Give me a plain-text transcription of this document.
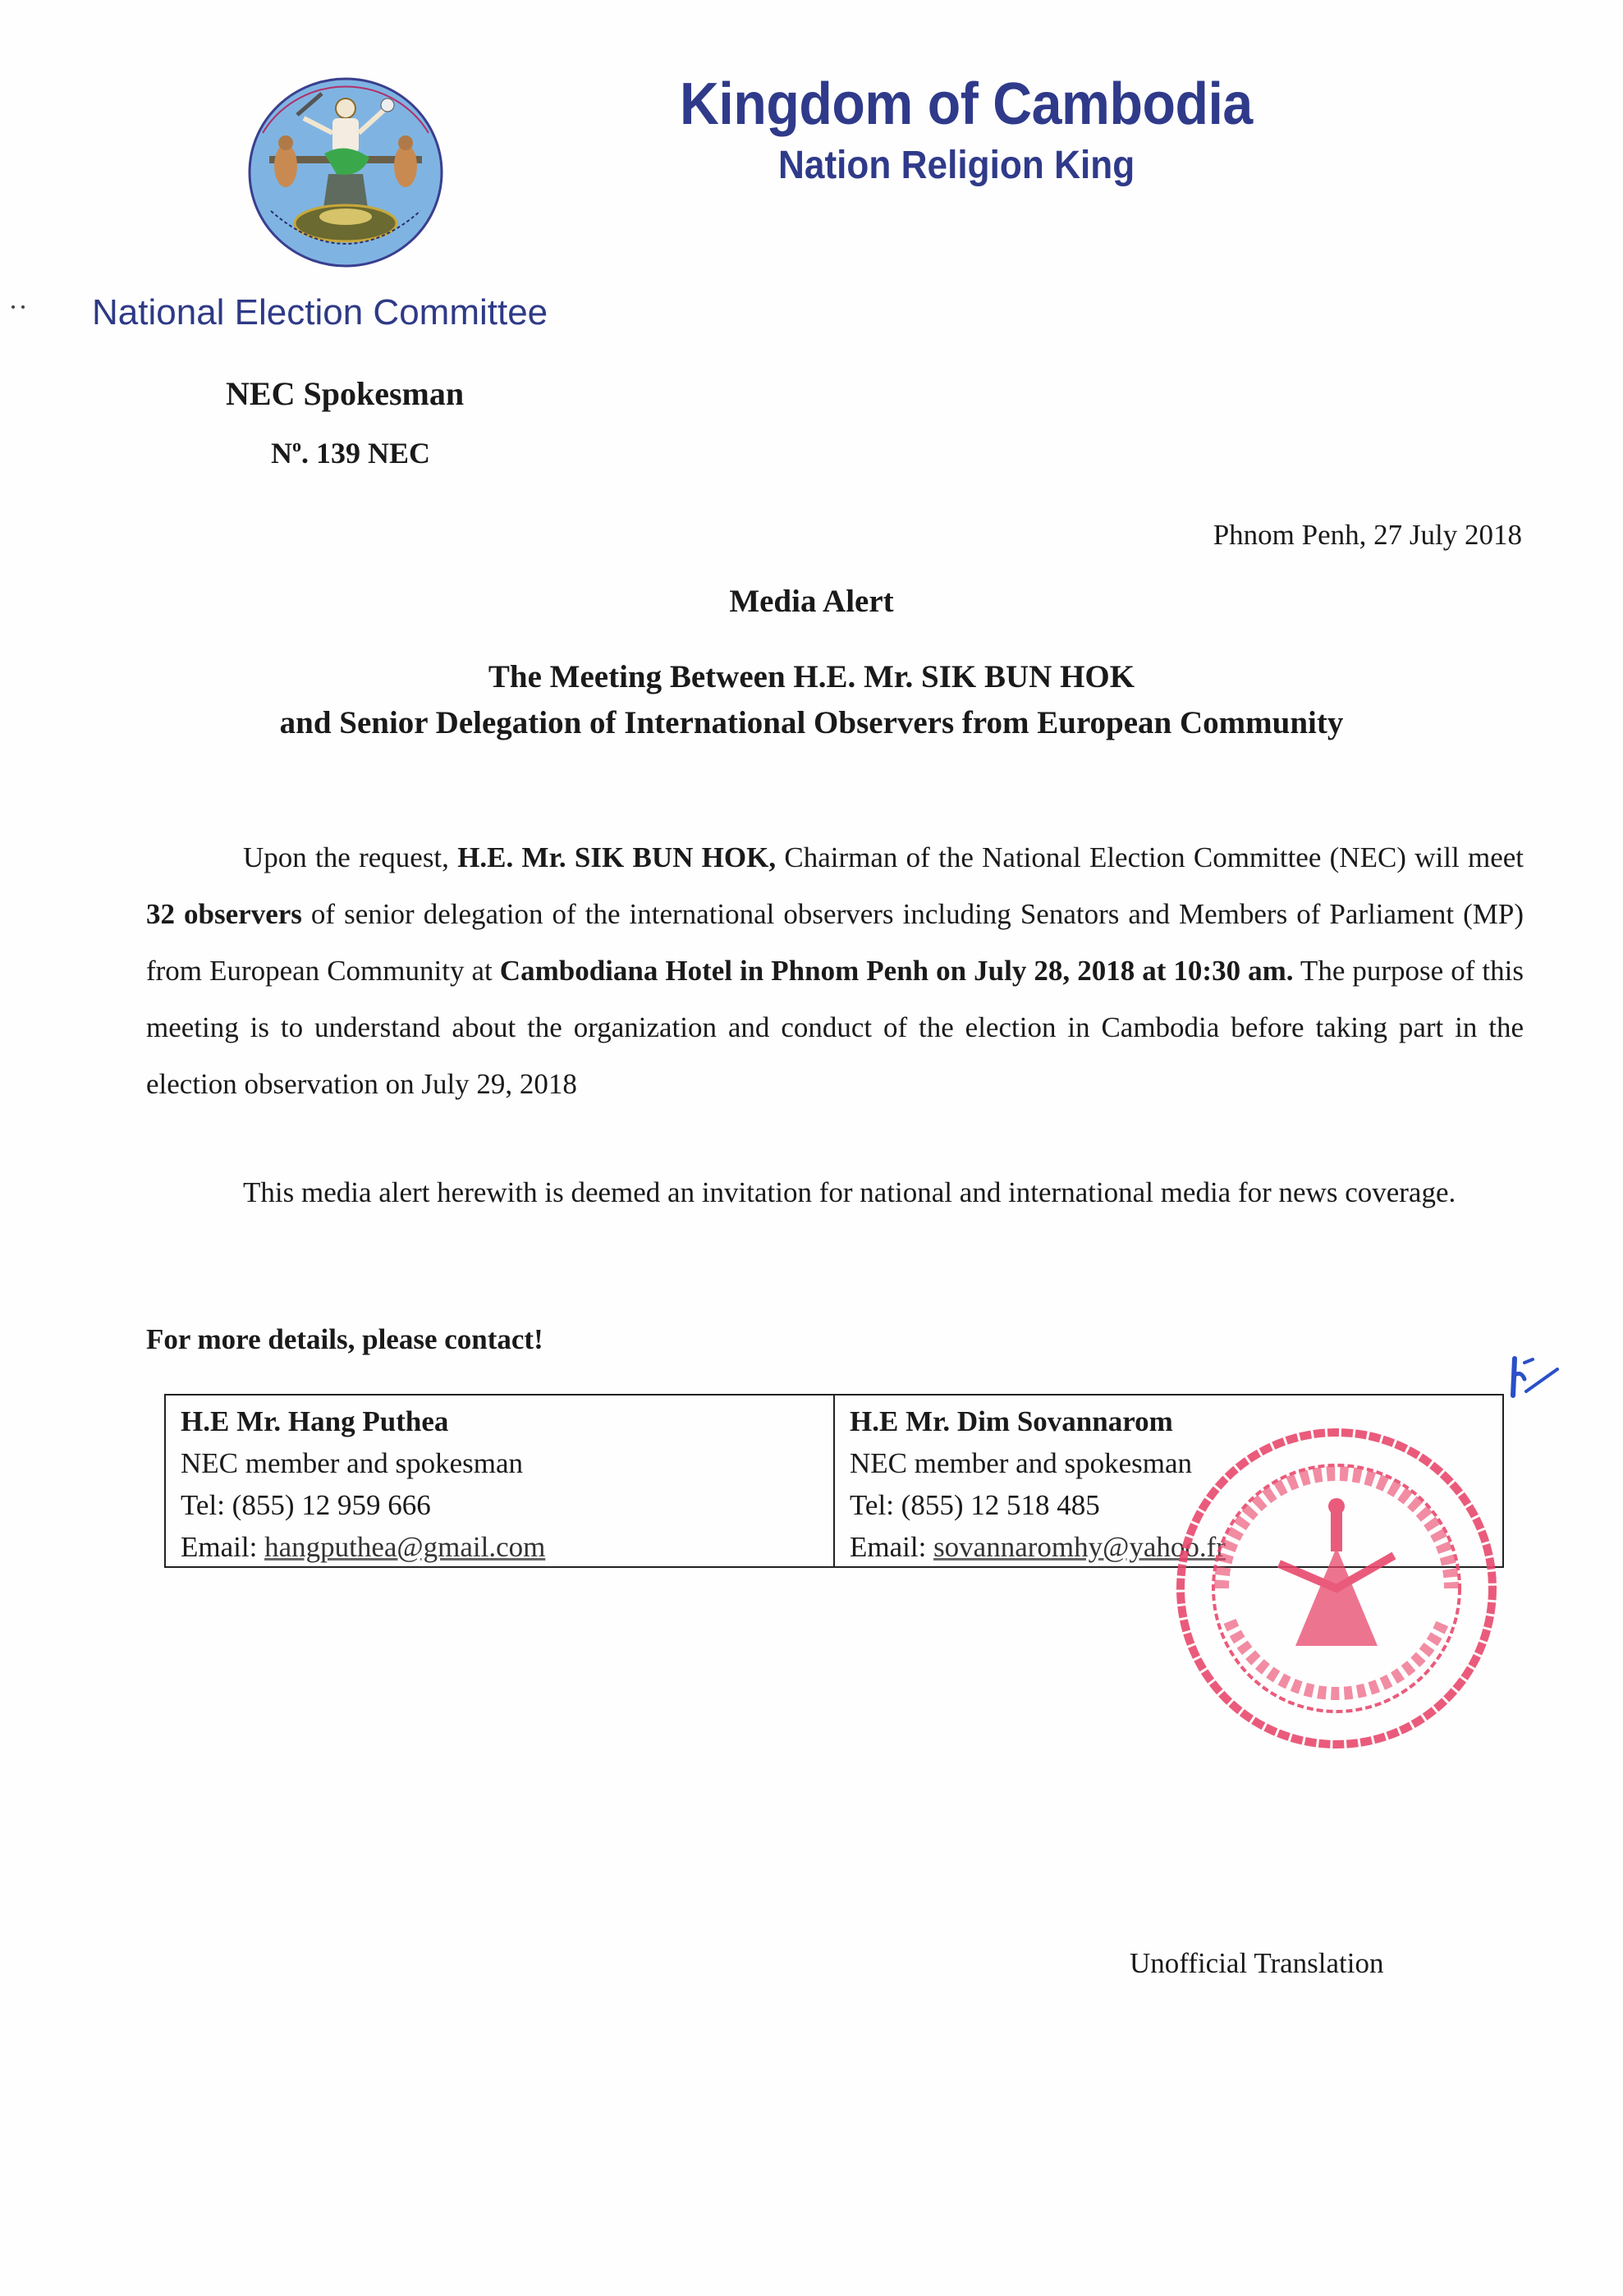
National Election Committee
Kingdom of Cambodia
Nation Religion King
NEC Spokesman
$N^o$. 139 NEC
Phnom Penh, 27 July 2018
Media Alert
The Meeting Between H.E. Mr. SIK BUN HOK
and Senior Delegation of International Observers from European Community
Upon the request, H.E. Mr. SIK BUN HOK, Chairman of the National Election Committee (NEC) will meet 32 observers of senior delegation of the international observers including Senators and Members of Parliament (MP) from European Community at Cambodiana Hotel in Phnom Penh on July 28, 2018 at 10:30 am. The purpose of this meeting is to understand about the organization and conduct of the election in Cambodia before taking part in the election observation on July 29, 2018
This media alert herewith is deemed an invitation for national and international media for news coverage.
For more details, please contact!
H.E Mr. Hang Puthea
NEC member and spokesman
Tel: (855) 12 959 666
Email: hangputhea@gmail.com
H.E Mr. Dim Sovannarom
NEC member and spokesman
Tel: (855) 12 518 485
Email: sovannaromhy@yahoo.fr
Unofficial Translation
